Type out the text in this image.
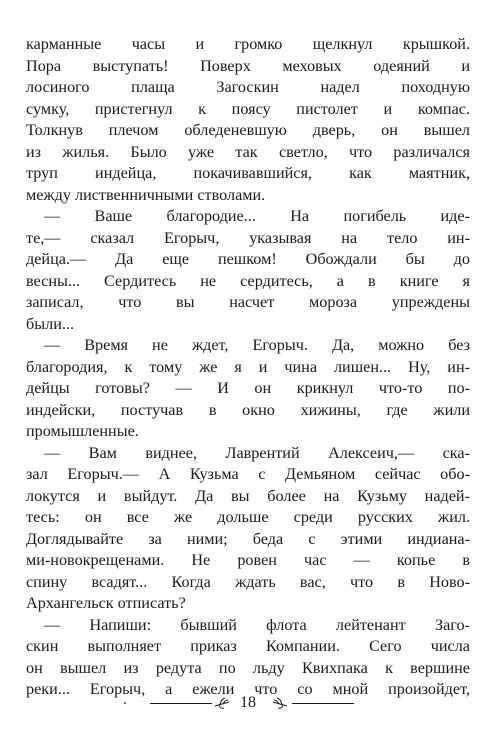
карманные часы и громко щелкнул крышкой.
Пора выступать! Поверх меховых одеяний и
лосиного плаща Загоскин надел походную
сумку, пристегнул к поясу пистолет и компас.
Толкнув плечом обледеневшую дверь, он вышел
из жилья. Было уже так светло, что различался
труп индейца, покачивавшийся, как маятник,
между лиственничными стволами.
— Ваше благородие... На погибель иде-
те,— сказал Егорыч, указывая на тело ин-
дейца.— Да еще пешком! Обождали бы до
весны... Сердитесь не сердитесь, а в книге я
записал, что вы насчет мороза упреждены
были...
— Время не ждет, Егорыч. Да, можно без
благородия, к тому же я и чина лишен... Ну, ин-
дейцы готовы? — И он крикнул что-то по-
индейски, постучав в окно хижины, где жили
промышленные.
— Вам виднее, Лаврентий Алексеич,— ска-
зал Егорыч.— А Кузьма с Демьяном сейчас обо-
локутся и выйдут. Да вы более на Кузьму надей-
тесь: он все же дольше среди русских жил.
Доглядывайте за ними; беда с этими индиана-
ми-новокрещенами. Не ровен час — копье в
спину всадят... Когда ждать вас, что в Ново-
Архангельск отписать?
— Напиши: бывший флота лейтенант Заго-
скин выполняет приказ Компании. Сего числа
он вышел из редута по льду Квихпака к вершине
реки... Егорыч, а ежели что со мной произойдет,
18
